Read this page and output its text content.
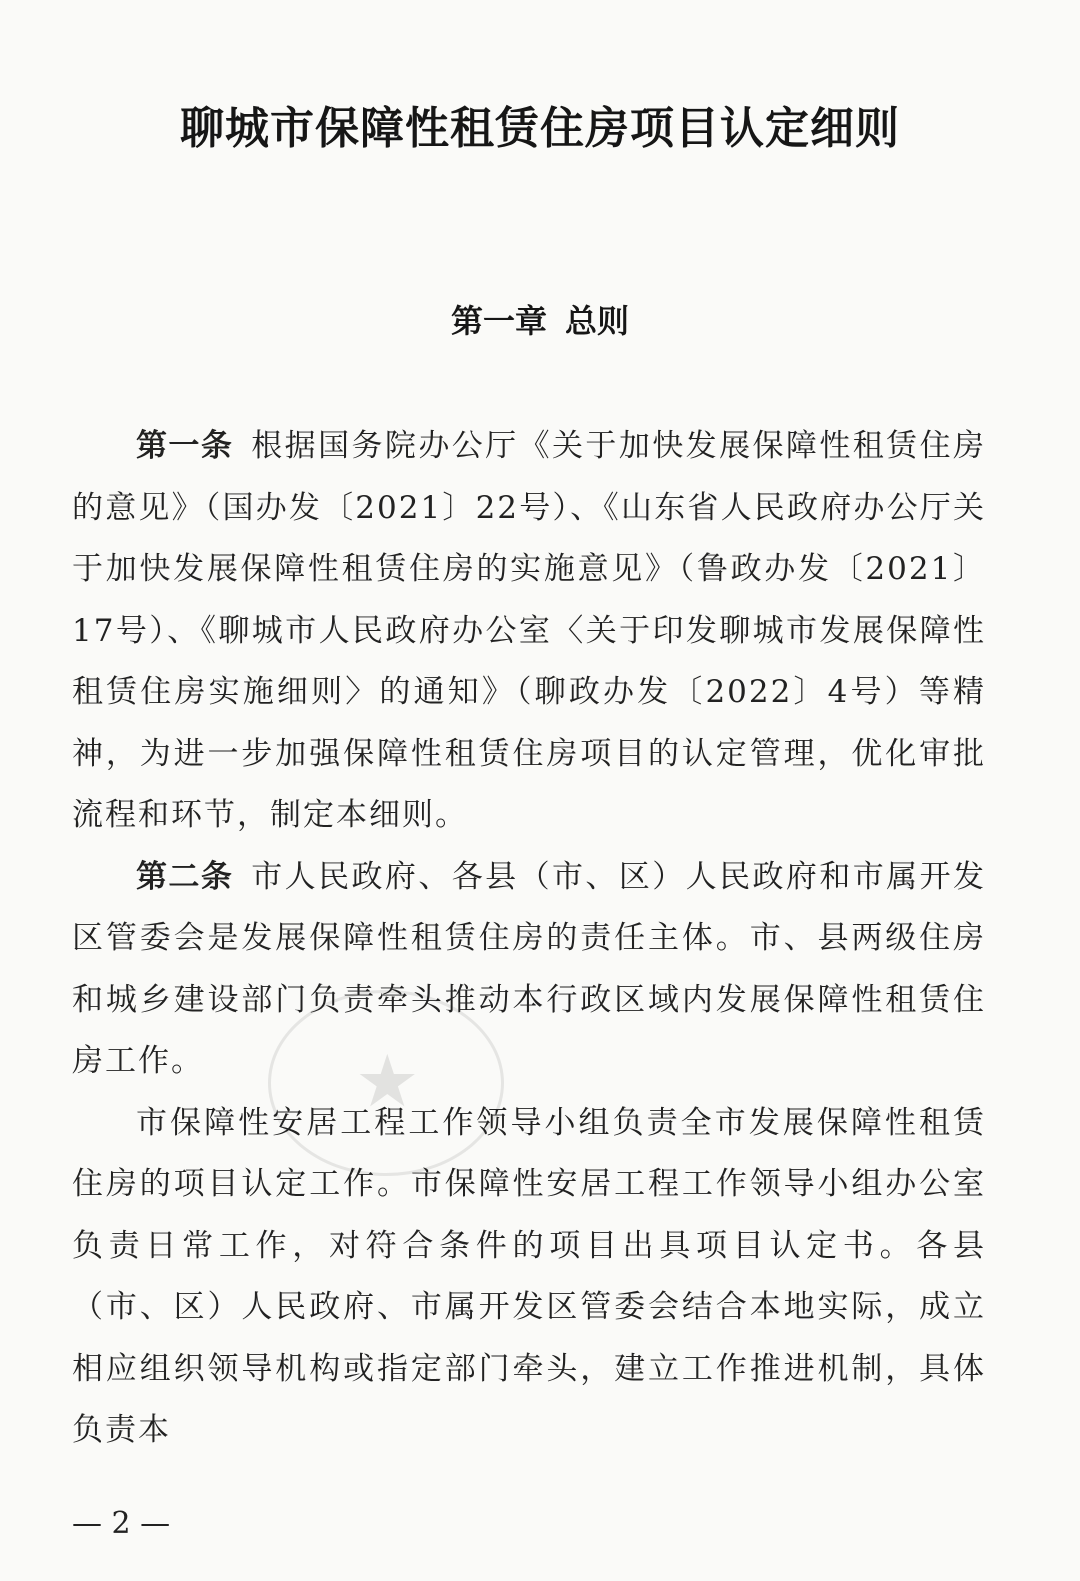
聊城市保障性租赁住房项目认定细则
第一章 总则
★

第一条 根据国务院办公厅《关于加快发展保障性租赁住房的意见》（国办发〔2021〕22号）、《山东省人民政府办公厅关于加快发展保障性租赁住房的实施意见》（鲁政办发〔2021〕17号）、《聊城市人民政府办公室〈关于印发聊城市发展保障性租赁住房实施细则〉的通知》（聊政办发〔2022〕4号）等精神，为进一步加强保障性租赁住房项目的认定管理，优化审批流程和环节，制定本细则。

第二条 市人民政府、各县（市、区）人民政府和市属开发区管委会是发展保障性租赁住房的责任主体。市、县两级住房和城乡建设部门负责牵头推动本行政区域内发展保障性租赁住房工作。

市保障性安居工程工作领导小组负责全市发展保障性租赁住房的项目认定工作。市保障性安居工程工作领导小组办公室负责日常工作，对符合条件的项目出具项目认定书。各县（市、区）人民政府、市属开发区管委会结合本地实际，成立相应组织领导机构或指定部门牵头，建立工作推进机制，具体负责本

— 2 —
